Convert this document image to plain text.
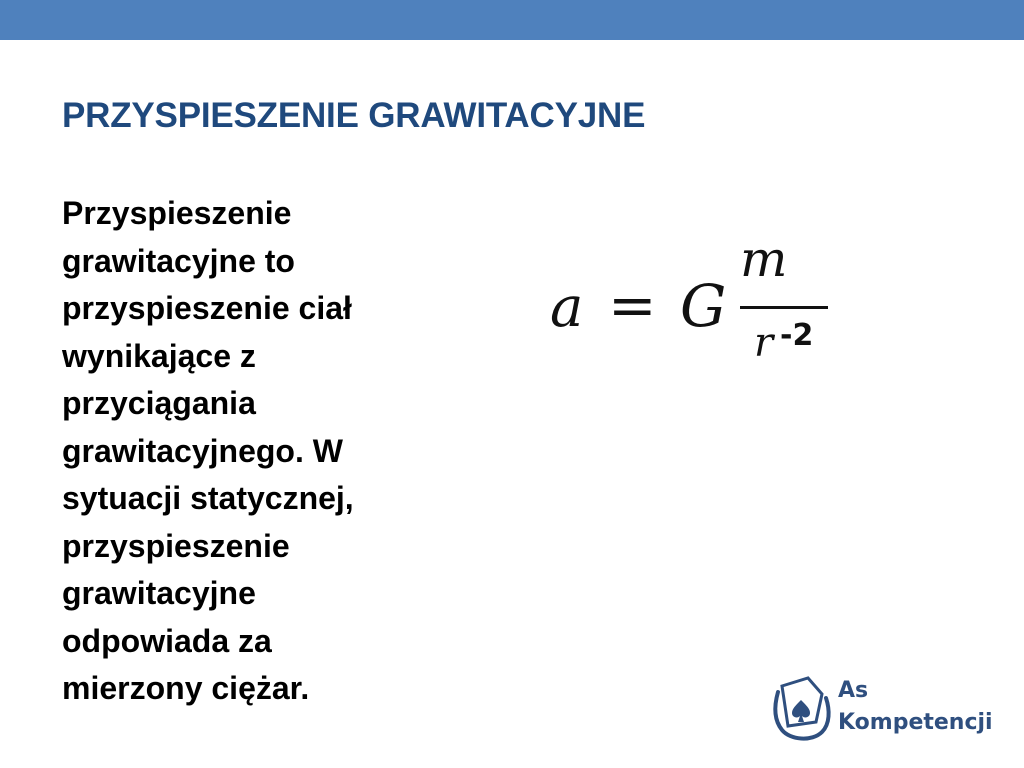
PRZYSPIESZENIE GRAWITACYJNE
Przyspieszenie
grawitacyjne to
przyspieszenie ciał
wynikające z
przyciągania
grawitacyjnego. W
sytuacji statycznej,
przyspieszenie
grawitacyjne
odpowiada za
mierzony ciężar.
a = G
m
r -2
As
Kompetencji
